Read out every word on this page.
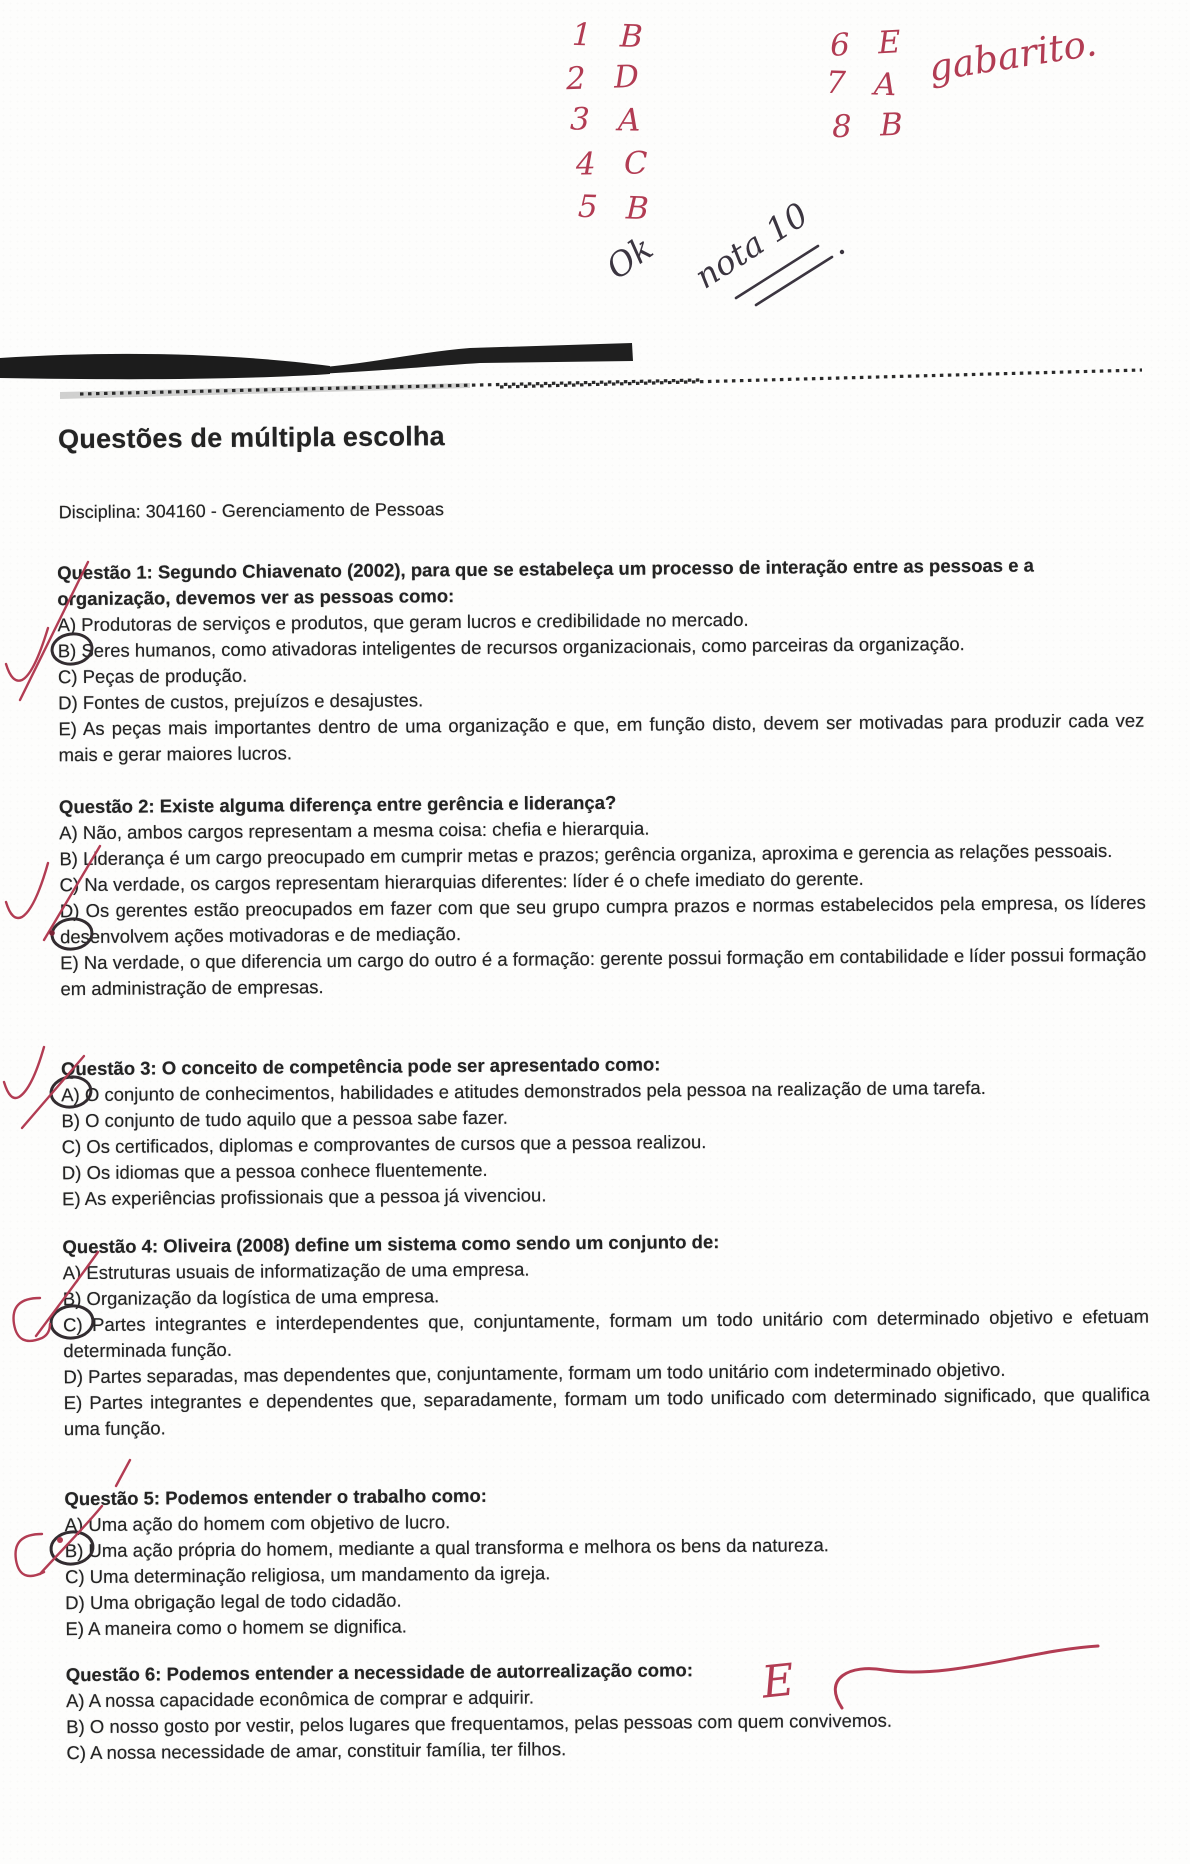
Questões de múltipla escolha

Disciplina: 304160 - Gerenciamento de Pessoas

Questão 1: Segundo Chiavenato (2002), para que se estabeleça um processo de interação entre as pessoas e a organização, devemos ver as pessoas como:

A) Produtoras de serviços e produtos, que geram lucros e credibilidade no mercado.

B) Seres humanos, como ativadoras inteligentes de recursos organizacionais, como parceiras da organização.

C) Peças de produção.

D) Fontes de custos, prejuízos e desajustes.

E) As peças mais importantes dentro de uma organização e que, em função disto, devem ser motivadas para produzir cada vez mais e gerar maiores lucros.

Questão 2: Existe alguma diferença entre gerência e liderança?

A) Não, ambos cargos representam a mesma coisa: chefia e hierarquia.

B) Liderança é um cargo preocupado em cumprir metas e prazos; gerência organiza, aproxima e gerencia as relações pessoais.

C) Na verdade, os cargos representam hierarquias diferentes: líder é o chefe imediato do gerente.

D) Os gerentes estão preocupados em fazer com que seu grupo cumpra prazos e normas estabelecidos pela empresa, os líderes desenvolvem ações motivadoras e de mediação.

E) Na verdade, o que diferencia um cargo do outro é a formação: gerente possui formação em contabilidade e líder possui formação em administração de empresas.

Questão 3: O conceito de competência pode ser apresentado como:

A) O conjunto de conhecimentos, habilidades e atitudes demonstrados pela pessoa na realização de uma tarefa.

B) O conjunto de tudo aquilo que a pessoa sabe fazer.

C) Os certificados, diplomas e comprovantes de cursos que a pessoa realizou.

D) Os idiomas que a pessoa conhece fluentemente.

E) As experiências profissionais que a pessoa já vivenciou.

Questão 4: Oliveira (2008) define um sistema como sendo um conjunto de:

A) Estruturas usuais de informatização de uma empresa.

B) Organização da logística de uma empresa.

C) Partes integrantes e interdependentes que, conjuntamente, formam um todo unitário com determinado objetivo e efetuam determinada função.

D) Partes separadas, mas dependentes que, conjuntamente, formam um todo unitário com indeterminado objetivo.

E) Partes integrantes e dependentes que, separadamente, formam um todo unificado com determinado significado, que qualifica uma função.

Questão 5: Podemos entender o trabalho como:

A) Uma ação do homem com objetivo de lucro.

B) Uma ação própria do homem, mediante a qual transforma e melhora os bens da natureza.

C) Uma determinação religiosa, um mandamento da igreja.

D) Uma obrigação legal de todo cidadão.

E) A maneira como o homem se dignifica.

Questão 6: Podemos entender a necessidade de autorrealização como:

A) A nossa capacidade econômica de comprar e adquirir.

B) O nosso gosto por vestir, pelos lugares que frequentamos, pelas pessoas com quem convivemos.

C) A nossa necessidade de amar, constituir família, ter filhos.

1 B
2 D
3 A
4 C
5 B
6 E
7 A
8 B
gabarito.
Ok nota 10
E
